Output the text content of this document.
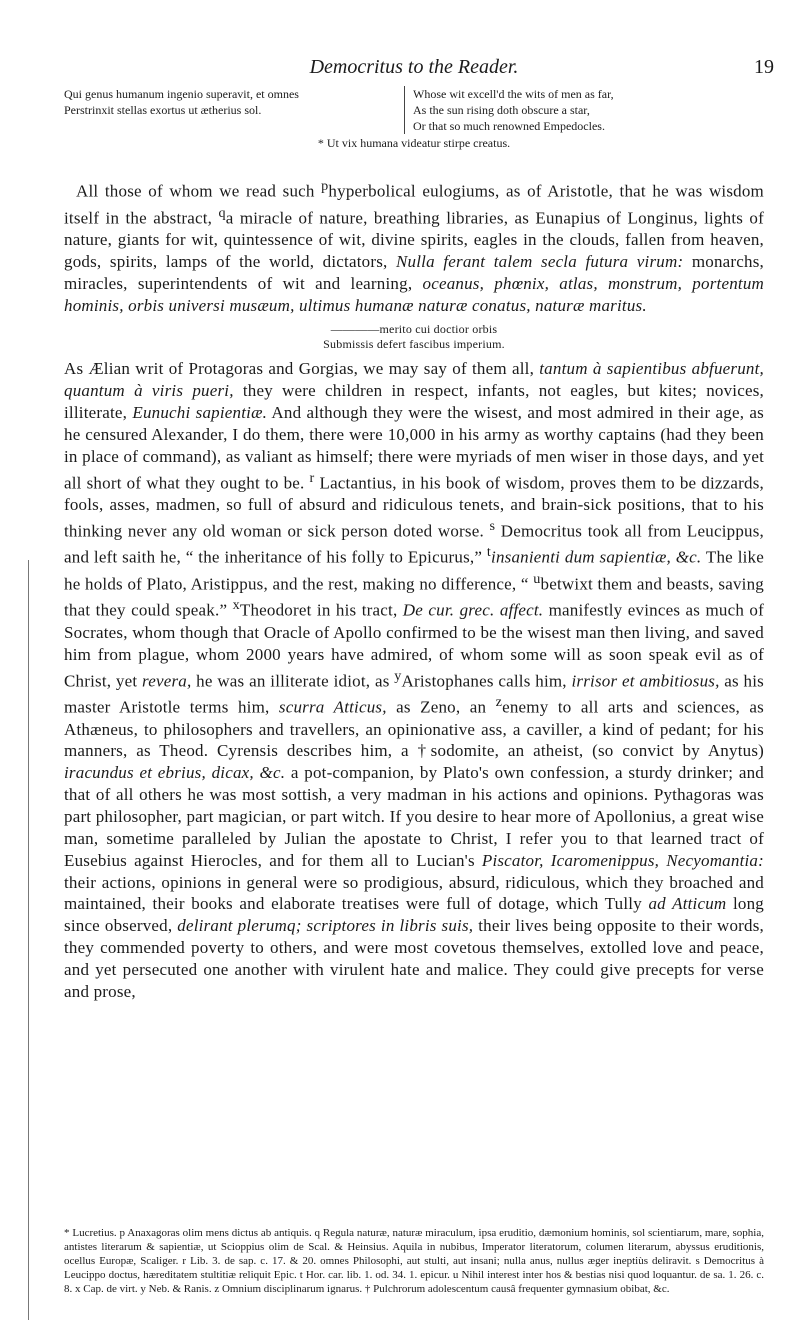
Democritus to the Reader.	19
Qui genus humanum ingenio superavit, et omnes
Perstrinxit stellas exortus ut ætherius sol.
Whose wit excell'd the wits of men as far,
As the sun rising doth obscure a star,
Or that so much renowned Empedocles.
* Ut vix humana videatur stirpe creatus.

All those of whom we read such $^p$hyperbolical eulogiums, as of Aristotle, that he was wisdom itself in the abstract, $^q$a miracle of nature, breathing libraries, as Eunapius of Longinus, lights of nature, giants for wit, quintessence of wit, divine spirits, eagles in the clouds, fallen from heaven, gods, spirits, lamps of the world, dictators, Nulla ferant talem secla futura virum: monarchs, miracles, superintendents of wit and learning, oceanus, phœnix, atlas, monstrum, portentum hominis, orbis universi musæum, ultimus humanæ naturæ conatus, naturæ maritus.

————merito cui doctior orbis
Submissis defert fascibus imperium.

As Ælian writ of Protagoras and Gorgias, we may say of them all, tantum à sapientibus abfuerunt, quantum à viris pueri, they were children in respect, infants, not eagles, but kites; novices, illiterate, Eunuchi sapientiæ. And although they were the wisest, and most admired in their age, as he censured Alexander, I do them, there were 10,000 in his army as worthy captains (had they been in place of command), as valiant as himself; there were myriads of men wiser in those days, and yet all short of what they ought to be. $^r$ Lactantius, in his book of wisdom, proves them to be dizzards, fools, asses, madmen, so full of absurd and ridiculous tenets, and brain-sick positions, that to his thinking never any old woman or sick person doted worse. $^s$ Democritus took all from Leucippus, and left saith he, “ the inheritance of his folly to Epicurus,” $^t$insanienti dum sapientiæ, &c. The like he holds of Plato, Aristippus, and the rest, making no difference, “ $^u$betwixt them and beasts, saving that they could speak.” $^x$Theodoret in his tract, De cur. grec. affect. manifestly evinces as much of Socrates, whom though that Oracle of Apollo confirmed to be the wisest man then living, and saved him from plague, whom 2000 years have admired, of whom some will as soon speak evil as of Christ, yet revera, he was an illiterate idiot, as $^y$Aristophanes calls him, irrisor et ambitiosus, as his master Aristotle terms him, scurra Atticus, as Zeno, an $^z$enemy to all arts and sciences, as Athæneus, to philosophers and travellers, an opinionative ass, a caviller, a kind of pedant; for his manners, as Theod. Cyrensis describes him, a †sodomite, an atheist, (so convict by Anytus) iracundus et ebrius, dicax, &c. a pot-companion, by Plato's own confession, a sturdy drinker; and that of all others he was most sottish, a very madman in his actions and opinions. Pythagoras was part philosopher, part magician, or part witch. If you desire to hear more of Apollonius, a great wise man, sometime paralleled by Julian the apostate to Christ, I refer you to that learned tract of Eusebius against Hierocles, and for them all to Lucian's Piscator, Icaromenippus, Necyomantia: their actions, opinions in general were so prodigious, absurd, ridiculous, which they broached and maintained, their books and elaborate treatises were full of dotage, which Tully ad Atticum long since observed, delirant plerumq; scriptores in libris suis, their lives being opposite to their words, they commended poverty to others, and were most covetous themselves, extolled love and peace, and yet persecuted one another with virulent hate and malice. They could give precepts for verse and prose,

* Lucretius. p Anaxagoras olim mens dictus ab antiquis. q Regula naturæ, naturæ miraculum, ipsa eruditio, dæmonium hominis, sol scientiarum, mare, sophia, antistes literarum & sapientiæ, ut Scioppius olim de Scal. & Heinsius. Aquila in nubibus, Imperator literatorum, columen literarum, abyssus eruditionis, ocellus Europæ, Scaliger. r Lib. 3. de sap. c. 17. & 20. omnes Philosophi, aut stulti, aut insani; nulla anus, nullus æger ineptiùs deliravit. s Democritus à Leucippo doctus, hæreditatem stultitiæ reliquit Epic. t Hor. car. lib. 1. od. 34. 1. epicur. u Nihil interest inter hos & bestias nisi quod loquantur. de sa. 1. 26. c. 8. x Cap. de virt. y Neb. & Ranis. z Omnium disciplinarum ignarus. † Pulchrorum adolescentum causâ frequenter gymnasium obibat, &c.
